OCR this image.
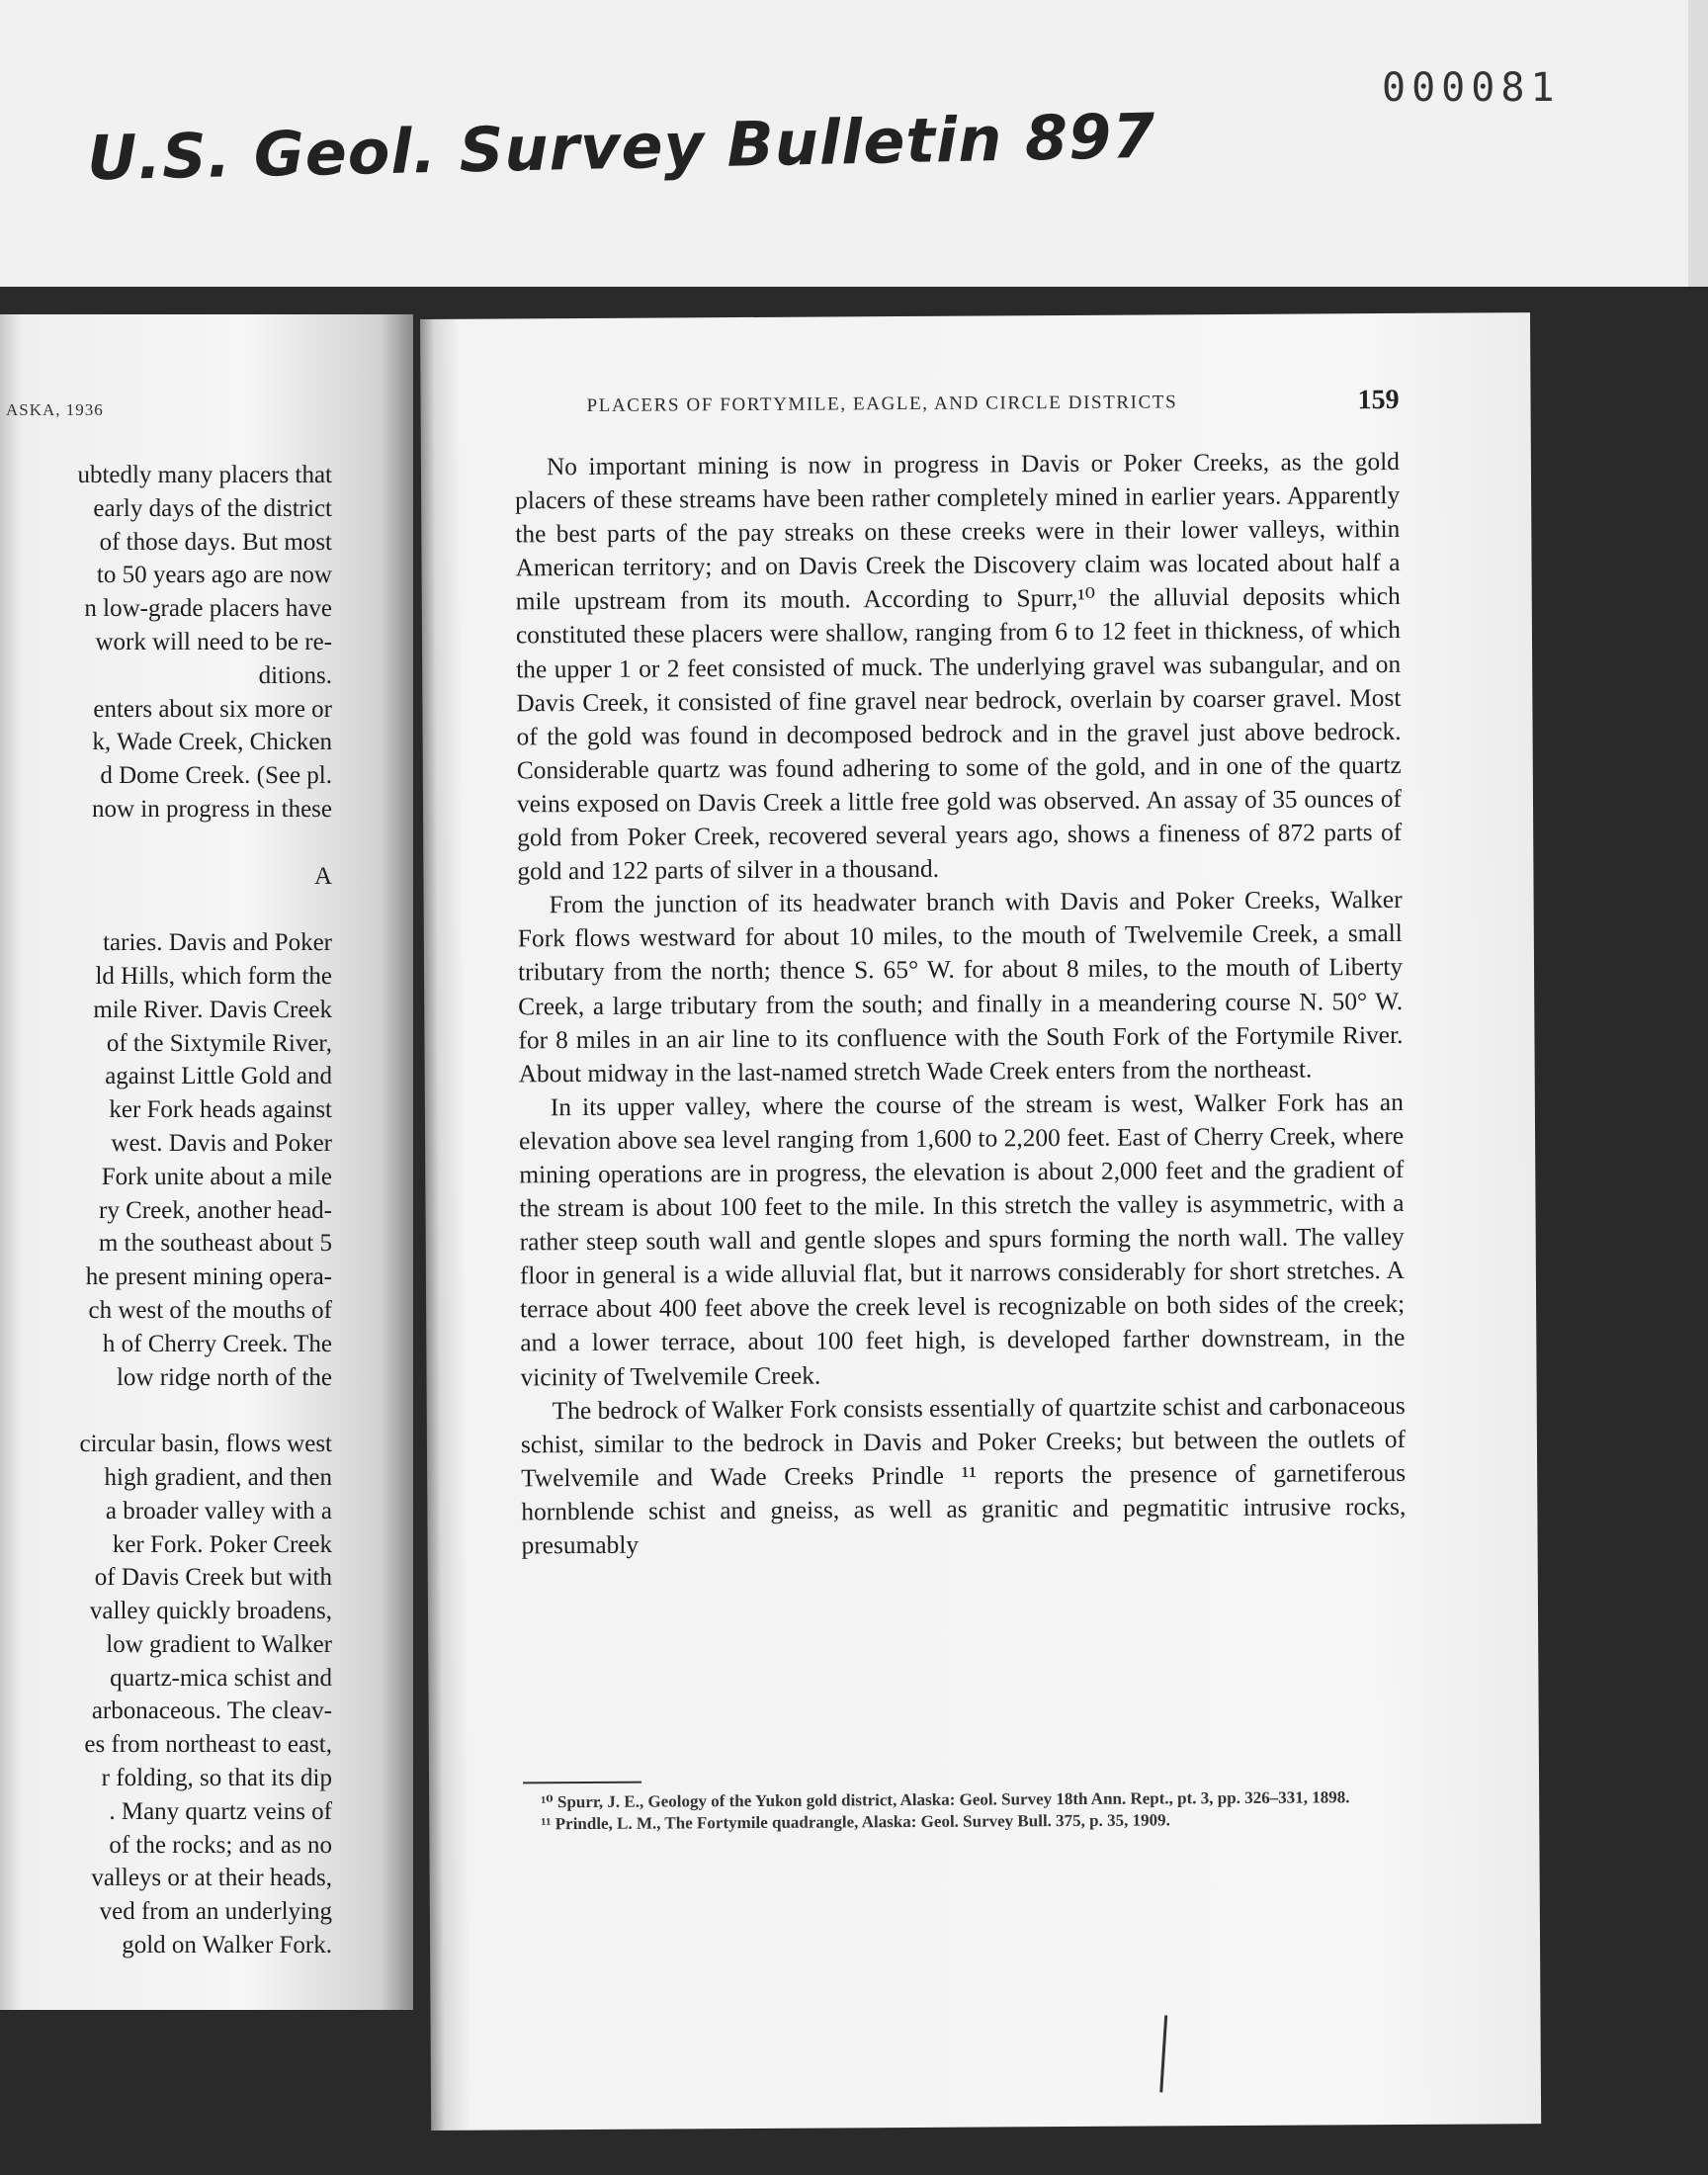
U.S. Geol. Survey Bulletin 897
000081
ASKA, 1936
ubtedly many placers that
early days of the district
of those days. But most
to 50 years ago are now
n low-grade placers have
work will need to be re-
ditions.
enters about six more or
k, Wade Creek, Chicken
d Dome Creek. (See pl.
now in progress in these

A

taries. Davis and Poker
ld Hills, which form the
mile River. Davis Creek
of the Sixtymile River,
against Little Gold and
ker Fork heads against
west. Davis and Poker
Fork unite about a mile
ry Creek, another head-
m the southeast about 5
he present mining opera-
ch west of the mouths of
h of Cherry Creek. The
low ridge north of the

circular basin, flows west
high gradient, and then
a broader valley with a
ker Fork. Poker Creek
of Davis Creek but with
valley quickly broadens,
low gradient to Walker
quartz-mica schist and
arbonaceous. The cleav-
es from northeast to east,
r folding, so that its dip
. Many quartz veins of
of the rocks; and as no
valleys or at their heads,
ved from an underlying
gold on Walker Fork.
PLACERS OF FORTYMILE, EAGLE, AND CIRCLE DISTRICTS	159

No important mining is now in progress in Davis or Poker Creeks, as the gold placers of these streams have been rather completely mined in earlier years. Apparently the best parts of the pay streaks on these creeks were in their lower valleys, within American territory; and on Davis Creek the Discovery claim was located about half a mile upstream from its mouth. According to Spurr,¹⁰ the alluvial deposits which constituted these placers were shallow, ranging from 6 to 12 feet in thickness, of which the upper 1 or 2 feet consisted of muck. The underlying gravel was subangular, and on Davis Creek, it consisted of fine gravel near bedrock, overlain by coarser gravel. Most of the gold was found in decomposed bedrock and in the gravel just above bedrock. Considerable quartz was found adhering to some of the gold, and in one of the quartz veins exposed on Davis Creek a little free gold was observed. An assay of 35 ounces of gold from Poker Creek, recovered several years ago, shows a fineness of 872 parts of gold and 122 parts of silver in a thousand.

From the junction of its headwater branch with Davis and Poker Creeks, Walker Fork flows westward for about 10 miles, to the mouth of Twelvemile Creek, a small tributary from the north; thence S. 65° W. for about 8 miles, to the mouth of Liberty Creek, a large tributary from the south; and finally in a meandering course N. 50° W. for 8 miles in an air line to its confluence with the South Fork of the Fortymile River. About midway in the last-named stretch Wade Creek enters from the northeast.

In its upper valley, where the course of the stream is west, Walker Fork has an elevation above sea level ranging from 1,600 to 2,200 feet. East of Cherry Creek, where mining operations are in progress, the elevation is about 2,000 feet and the gradient of the stream is about 100 feet to the mile. In this stretch the valley is asymmetric, with a rather steep south wall and gentle slopes and spurs forming the north wall. The valley floor in general is a wide alluvial flat, but it narrows considerably for short stretches. A terrace about 400 feet above the creek level is recognizable on both sides of the creek; and a lower terrace, about 100 feet high, is developed farther downstream, in the vicinity of Twelvemile Creek.

The bedrock of Walker Fork consists essentially of quartzite schist and carbonaceous schist, similar to the bedrock in Davis and Poker Creeks; but between the outlets of Twelvemile and Wade Creeks Prindle ¹¹ reports the presence of garnetiferous hornblende schist and gneiss, as well as granitic and pegmatitic intrusive rocks, presumably

¹⁰ Spurr, J. E., Geology of the Yukon gold district, Alaska: Geol. Survey 18th Ann. Rept., pt. 3, pp. 326–331, 1898.

¹¹ Prindle, L. M., The Fortymile quadrangle, Alaska: Geol. Survey Bull. 375, p. 35, 1909.
